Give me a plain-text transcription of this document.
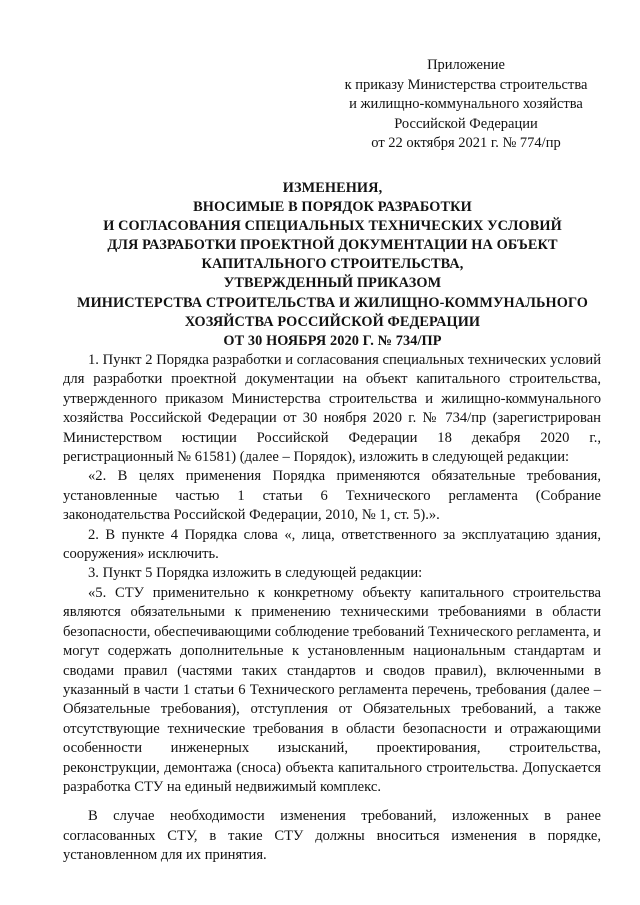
Приложение
к приказу Министерства строительства
и жилищно-коммунального хозяйства
Российской Федерации
от 22 октября 2021 г. № 774/пр
ИЗМЕНЕНИЯ,
ВНОСИМЫЕ В ПОРЯДОК РАЗРАБОТКИ
И СОГЛАСОВАНИЯ СПЕЦИАЛЬНЫХ ТЕХНИЧЕСКИХ УСЛОВИЙ
ДЛЯ РАЗРАБОТКИ ПРОЕКТНОЙ ДОКУМЕНТАЦИИ НА ОБЪЕКТ
КАПИТАЛЬНОГО СТРОИТЕЛЬСТВА,
УТВЕРЖДЕННЫЙ ПРИКАЗОМ
МИНИСТЕРСТВА СТРОИТЕЛЬСТВА И ЖИЛИЩНО-КОММУНАЛЬНОГО
ХОЗЯЙСТВА РОССИЙСКОЙ ФЕДЕРАЦИИ
ОТ 30 НОЯБРЯ 2020 Г. № 734/ПР

1. Пункт 2 Порядка разработки и согласования специальных технических условий для разработки проектной документации на объект капитального строительства, утвержденного приказом Министерства строительства и жилищно-коммунального хозяйства Российской Федерации от 30 ноября 2020 г. № 734/пр (зарегистрирован Министерством юстиции Российской Федерации 18 декабря 2020 г., регистрационный № 61581) (далее – Порядок), изложить в следующей редакции:

«2. В целях применения Порядка применяются обязательные требования, установленные частью 1 статьи 6 Технического регламента (Собрание законодательства Российской Федерации, 2010, № 1, ст. 5).».

2. В пункте 4 Порядка слова «, лица, ответственного за эксплуатацию здания, сооружения» исключить.

3. Пункт 5 Порядка изложить в следующей редакции:

«5. СТУ применительно к конкретному объекту капитального строительства являются обязательными к применению техническими требованиями в области безопасности, обеспечивающими соблюдение требований Технического регламента, и могут содержать дополнительные к установленным национальным стандартам и сводами правил (частями таких стандартов и сводов правил), включенными в указанный в части 1 статьи 6 Технического регламента перечень, требования (далее – Обязательные требования), отступления от Обязательных требований, а также отсутствующие технические требования в области безопасности и отражающими особенности инженерных изысканий, проектирования, строительства, реконструкции, демонтажа (сноса) объекта капитального строительства. Допускается разработка СТУ на единый недвижимый комплекс.

В случае необходимости изменения требований, изложенных в ранее согласованных СТУ, в такие СТУ должны вноситься изменения в порядке, установленном для их принятия.
